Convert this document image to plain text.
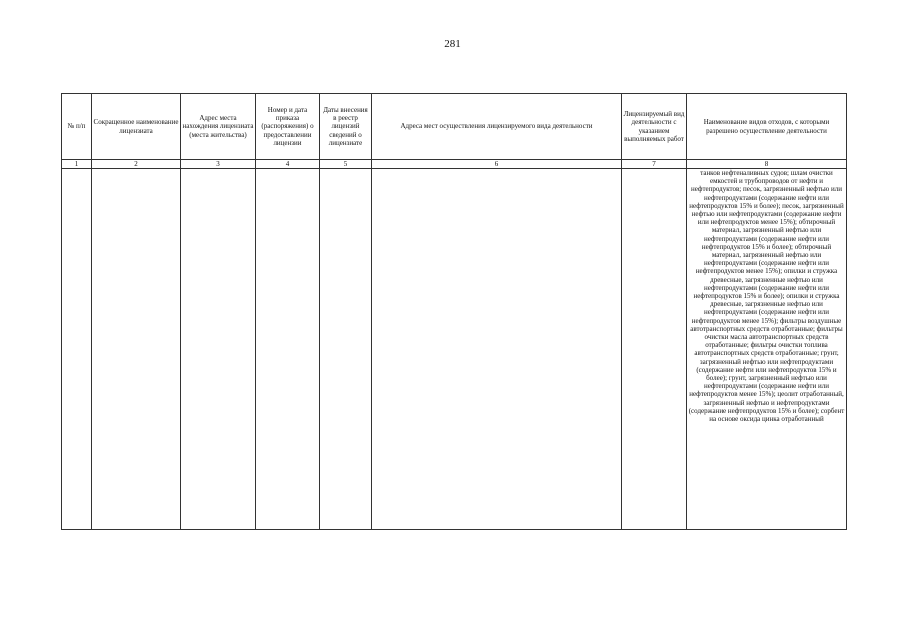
281
№ п/п	Сокращенное наименование лицензиата	Адрес места нахождения лицензиата (места жительства)	Номер и дата приказа (распоряжения) о предоставлении лицензии	Даты внесения в реестр лицензий сведений о лицензиате	Адреса мест осуществления лицензируемого вида деятельности	Лицензируемый вид деятельности с указанием выполняемых работ	Наименование видов отходов, с которыми разрешено осуществление деятельности
1	2	3	4	5	6	7	8
							танков нефтеналивных судов; шлам очистки емкостей и трубопроводов от нефти и нефтепродуктов; песок, загрязненный нефтью или нефтепродуктами (содержание нефти или нефтепродуктов 15% и более); песок, загрязненный нефтью или нефтепродуктами (содержание нефти или нефтепродуктов менее 15%); обтирочный материал, загрязненный нефтью или нефтепродуктами (содержание нефти или нефтепродуктов 15% и более); обтирочный материал, загрязненный нефтью или нефтепродуктами (содержание нефти или нефтепродуктов менее 15%); опилки и стружка древесные, загрязненные нефтью или нефтепродуктами (содержание нефти или нефтепродуктов 15% и более); опилки и стружка древесные, загрязненные нефтью или нефтепродуктами (содержание нефти или нефтепродуктов менее 15%); фильтры воздушные автотранспортных средств отработанные; фильтры очистки масла автотранспортных средств отработанные; фильтры очистки топлива автотранспортных средств отработанные; грунт, загрязненный нефтью или нефтепродуктами (содержание нефти или нефтепродуктов 15% и более); грунт, загрязненный нефтью или нефтепродуктами (содержание нефти или нефтепродуктов менее 15%); цеолит отработанный, загрязненный нефтью и нефтепродуктами (содержание нефтепродуктов 15% и более); сорбент на основе оксида цинка отработанный
